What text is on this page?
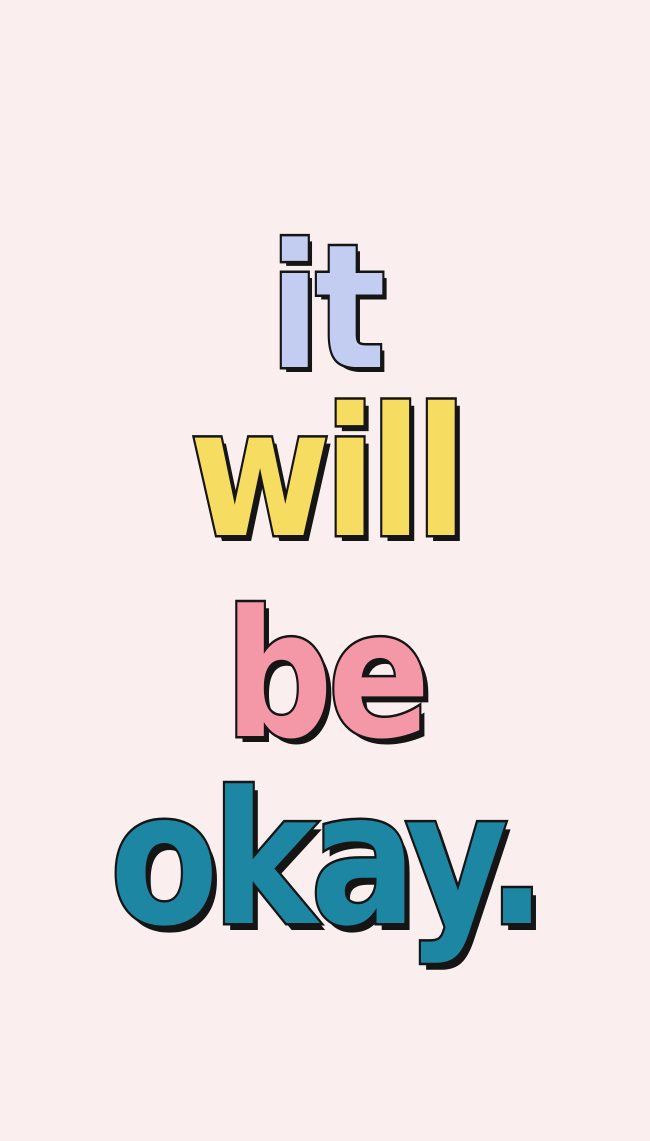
it
will
be
okay.
